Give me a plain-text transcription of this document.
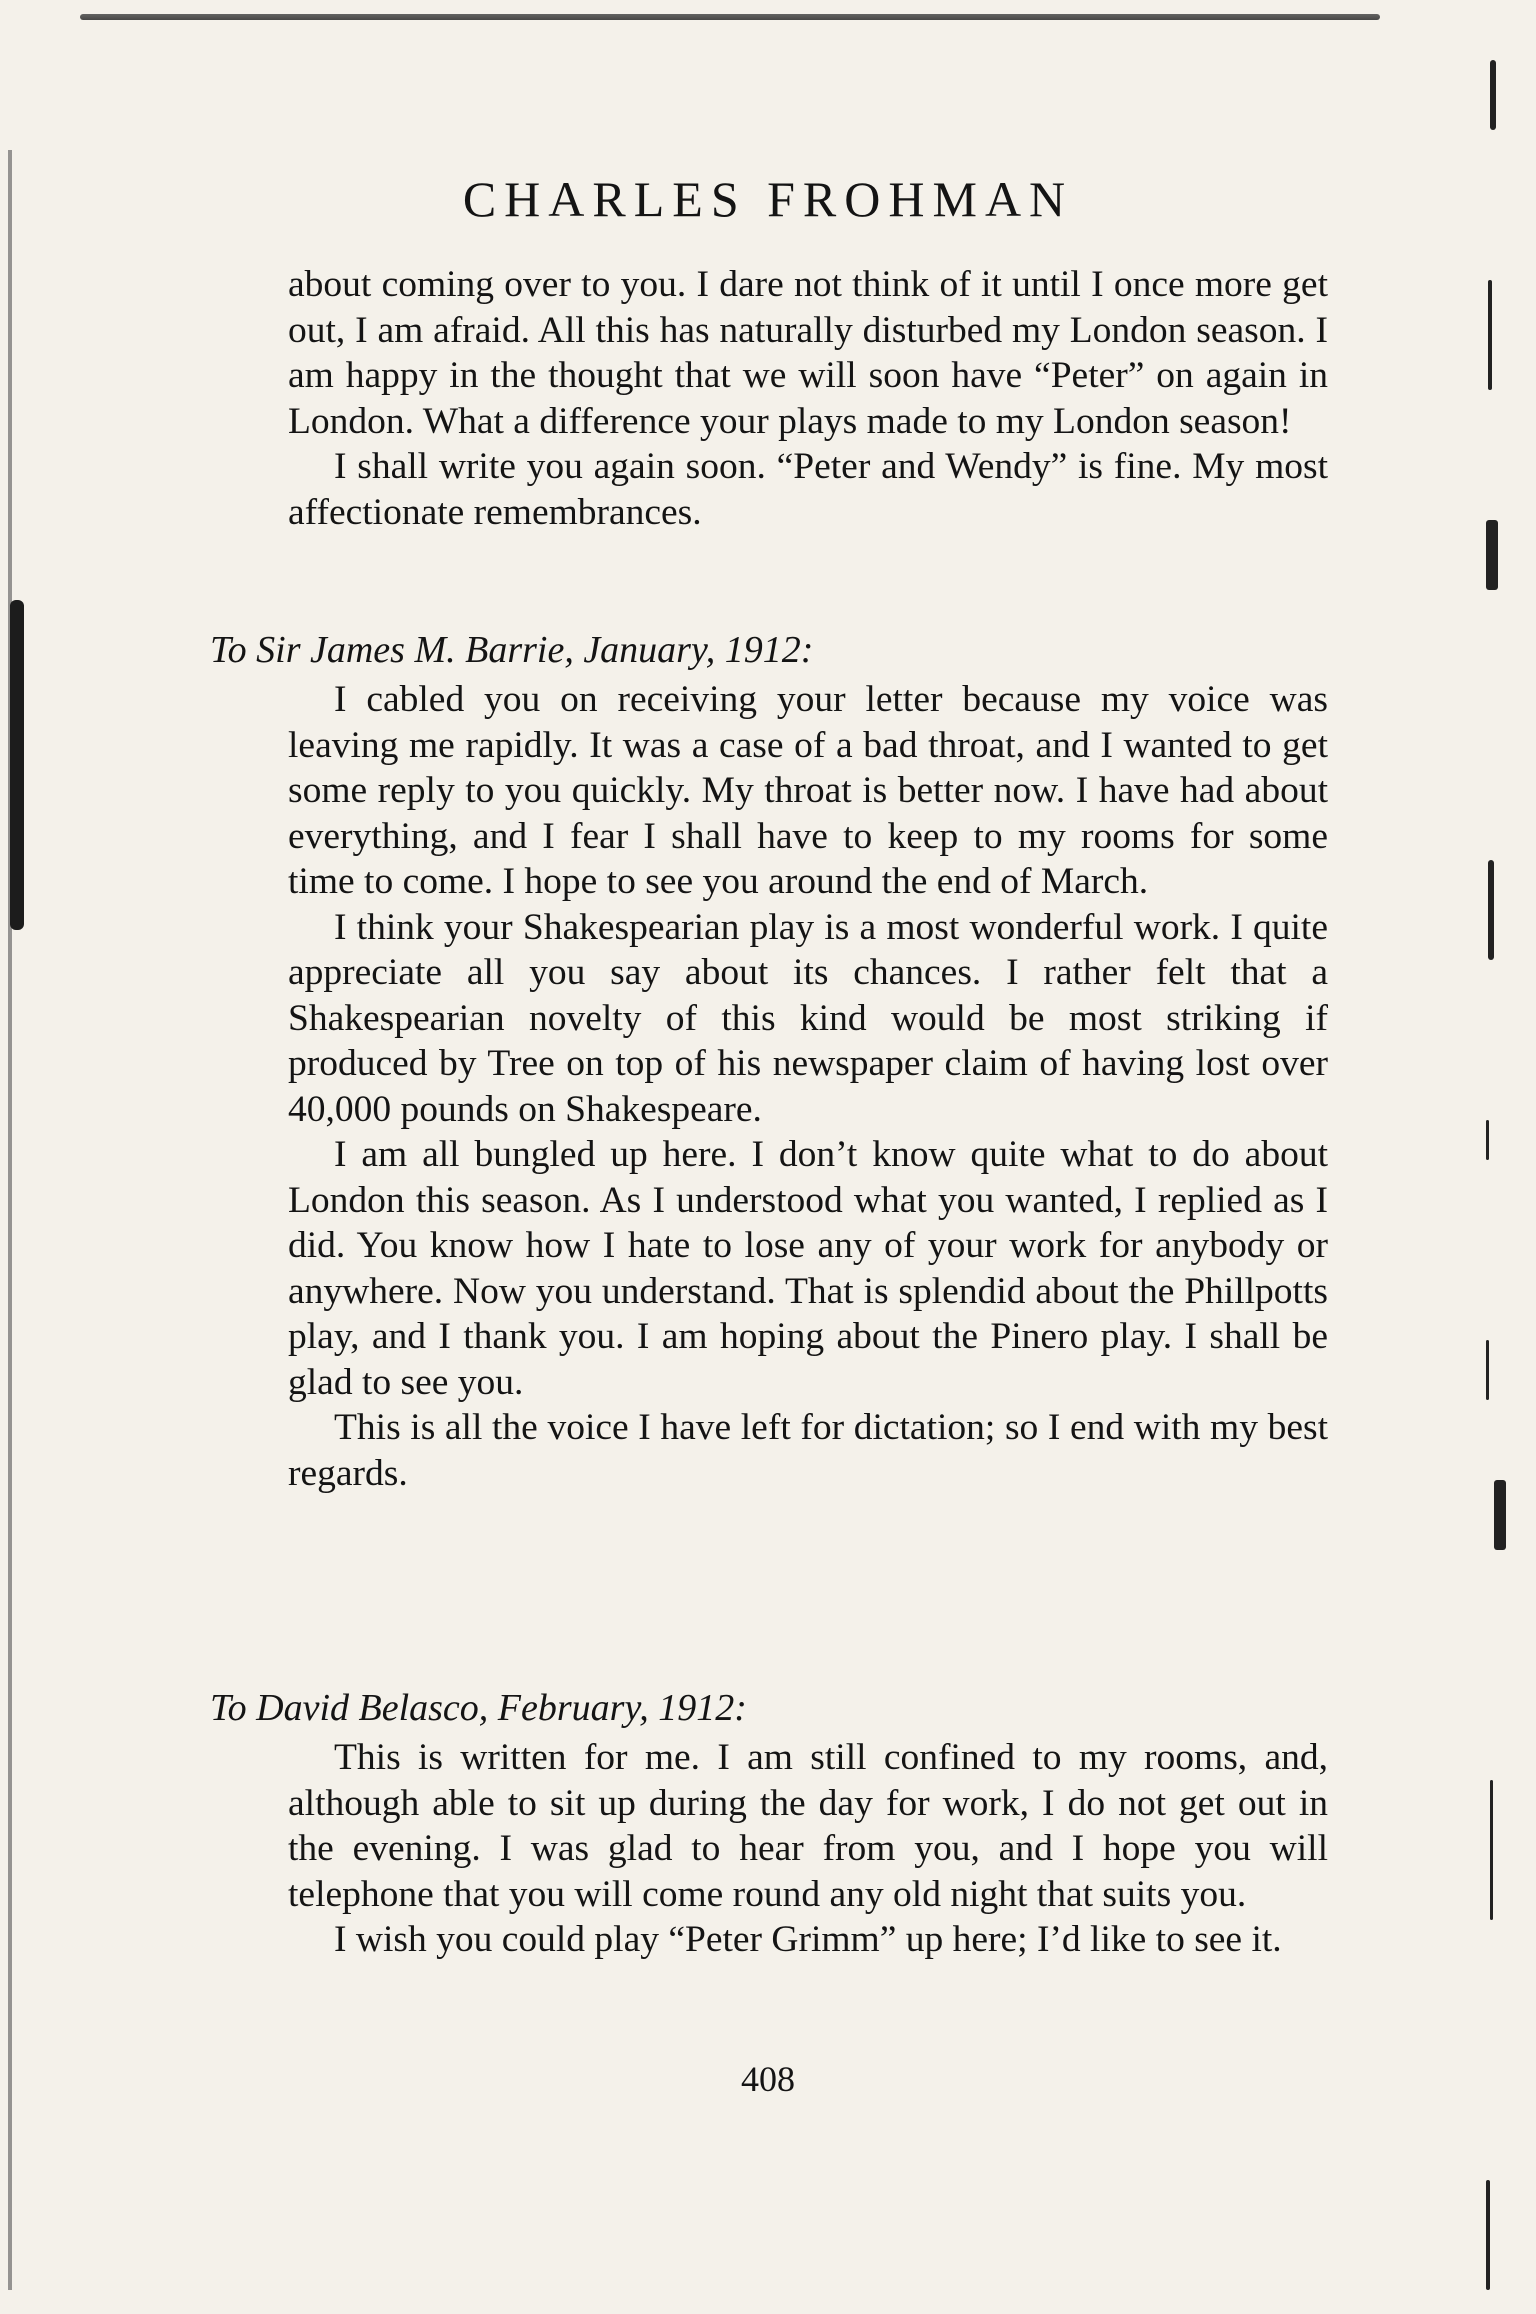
CHARLES FROHMAN

about coming over to you. I dare not think of it until I once more get out, I am afraid. All this has naturally disturbed my London season. I am happy in the thought that we will soon have “Peter” on again in London. What a difference your plays made to my London season!

I shall write you again soon. “Peter and Wendy” is fine. My most affectionate remembrances.

To Sir James M. Barrie, January, 1912:

I cabled you on receiving your letter because my voice was leaving me rapidly. It was a case of a bad throat, and I wanted to get some reply to you quickly. My throat is better now. I have had about everything, and I fear I shall have to keep to my rooms for some time to come. I hope to see you around the end of March.

I think your Shakespearian play is a most wonderful work. I quite appreciate all you say about its chances. I rather felt that a Shakespearian novelty of this kind would be most striking if produced by Tree on top of his newspaper claim of having lost over 40,000 pounds on Shakespeare.

I am all bungled up here. I don’t know quite what to do about London this season. As I understood what you wanted, I replied as I did. You know how I hate to lose any of your work for anybody or anywhere. Now you understand. That is splendid about the Phillpotts play, and I thank you. I am hoping about the Pinero play. I shall be glad to see you.

This is all the voice I have left for dictation; so I end with my best regards.

To David Belasco, February, 1912:

This is written for me. I am still confined to my rooms, and, although able to sit up during the day for work, I do not get out in the evening. I was glad to hear from you, and I hope you will telephone that you will come round any old night that suits you.

I wish you could play “Peter Grimm” up here; I’d like to see it.

408
